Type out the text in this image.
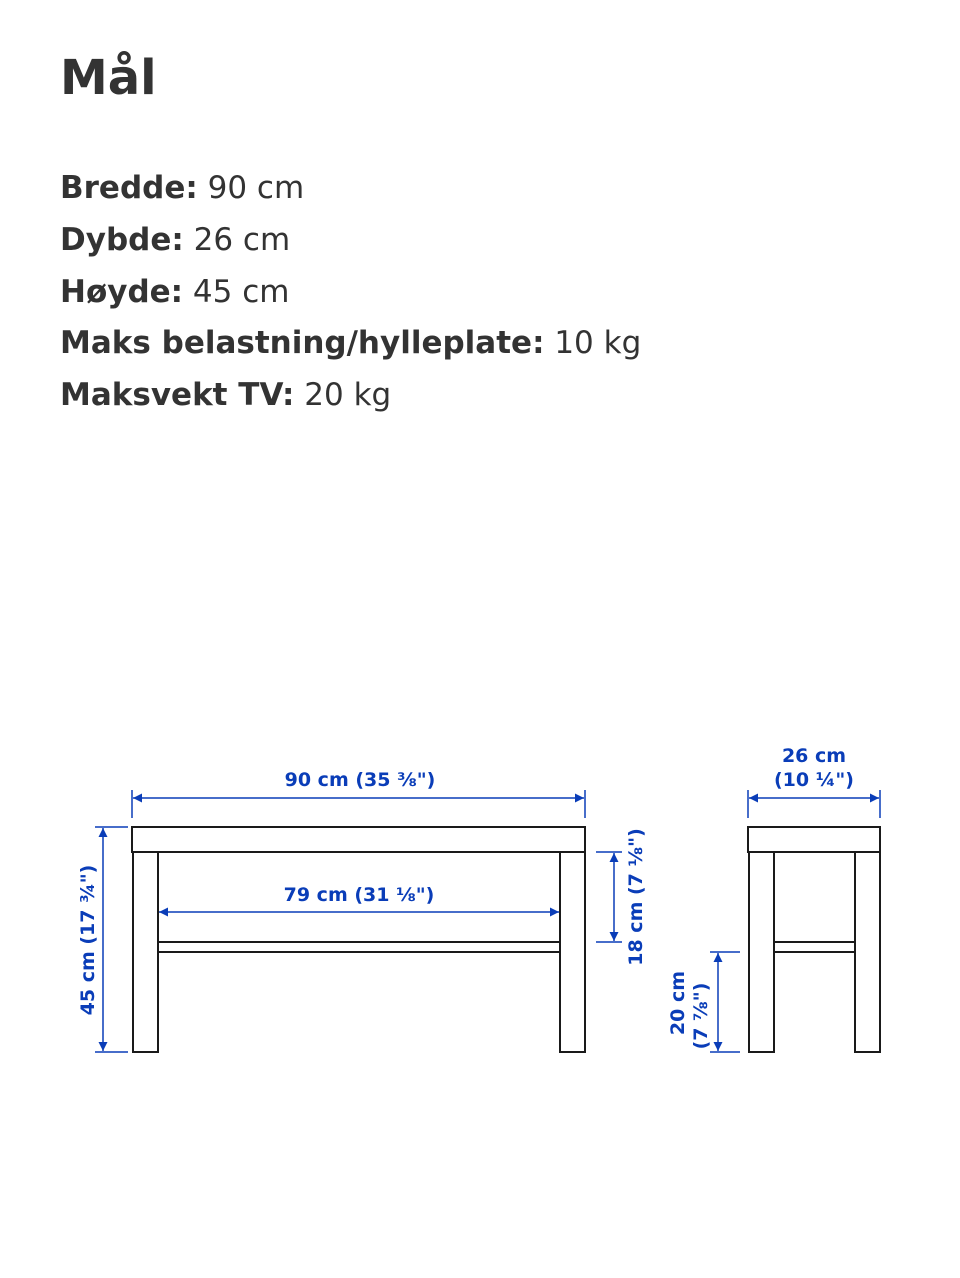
Mål
Bredde: 90 cm
Dybde: 26 cm
Høyde: 45 cm
Maks belastning/hylleplate: 10 kg
Maksvekt TV: 20 kg
90 cm (35 ⅜")
79 cm (31 ⅛")
45 cm (17 ¾")	18 cm (7 ⅛")
26 cm
(10 ¼")
20 cm (7 ⅞")
